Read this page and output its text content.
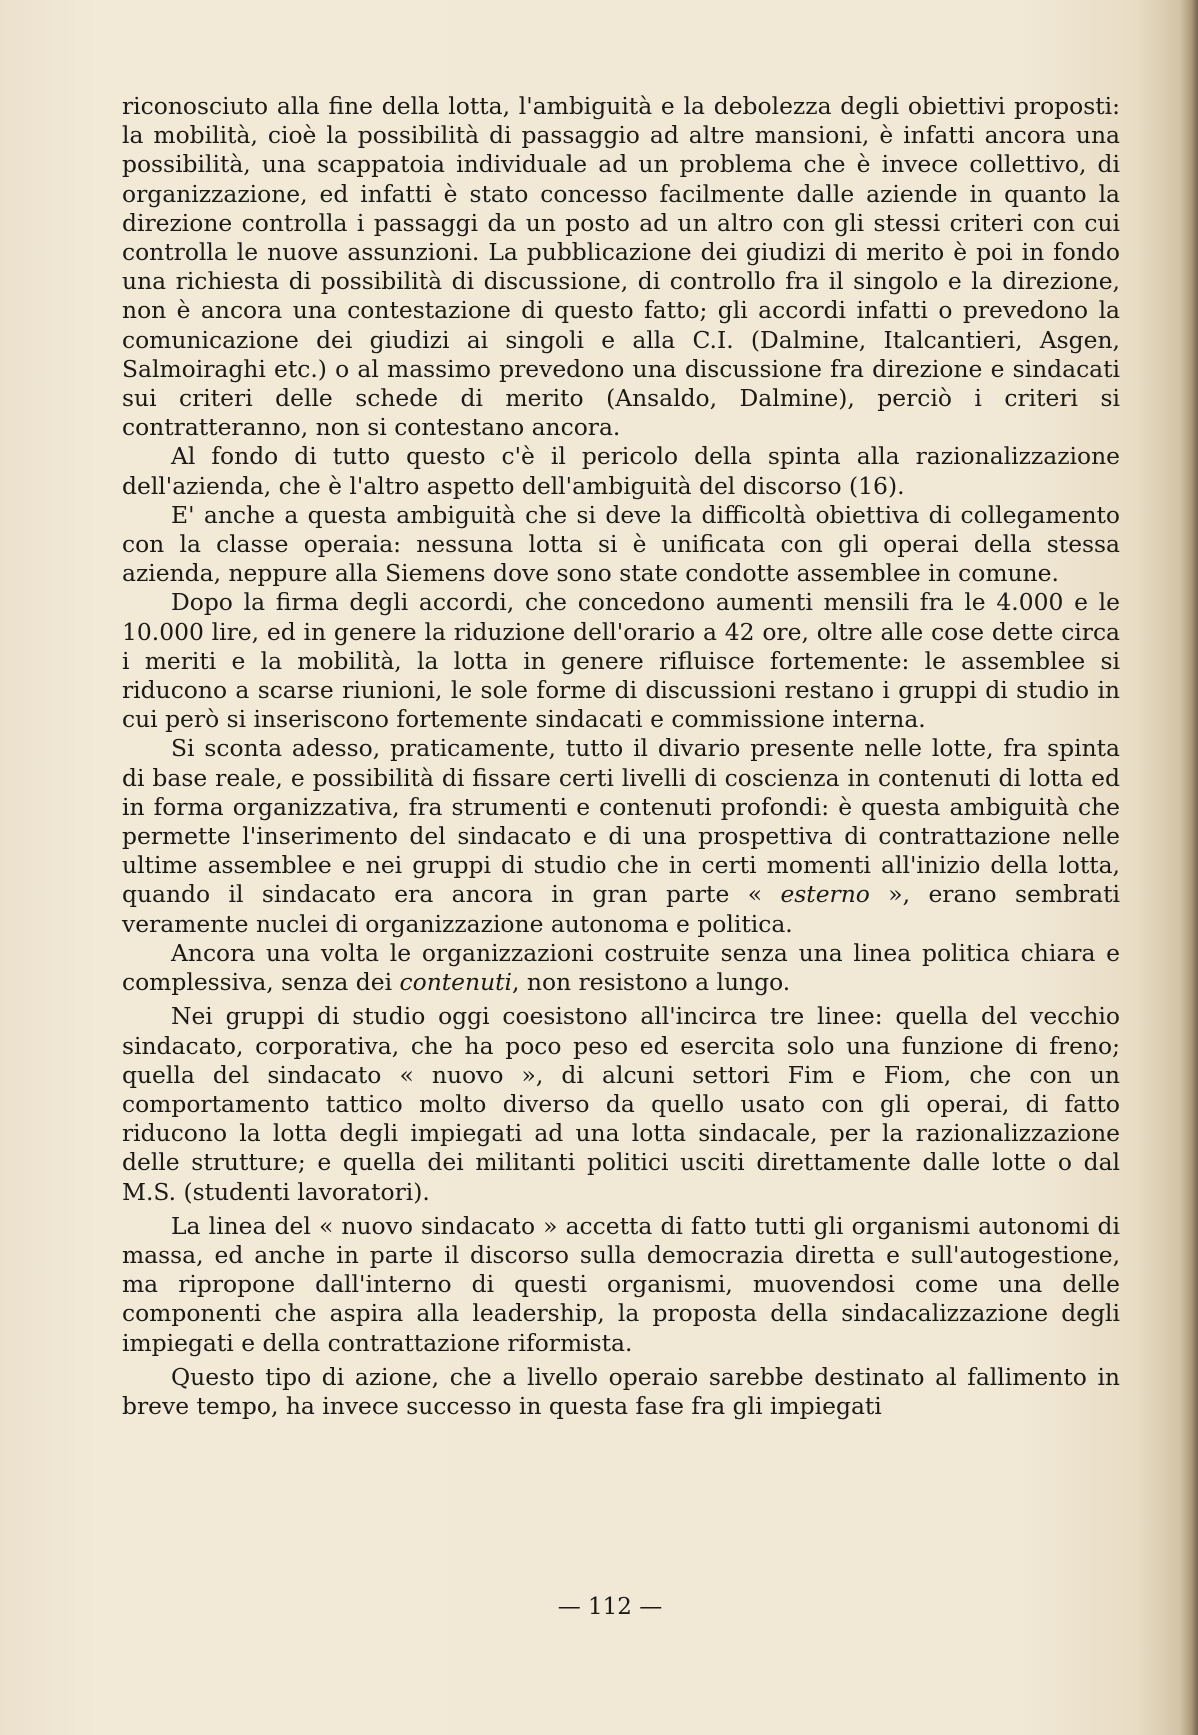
riconosciuto alla fine della lotta, l'ambiguità e la debolezza degli obiettivi proposti: la mobilità, cioè la possibilità di passaggio ad altre mansioni, è infatti ancora una possibilità, una scappatoia individuale ad un problema che è invece collettivo, di organizzazione, ed infatti è stato concesso facilmente dalle aziende in quanto la direzione controlla i passaggi da un posto ad un altro con gli stessi criteri con cui controlla le nuove assunzioni. La pubblicazione dei giudizi di merito è poi in fondo una richiesta di possibilità di discussione, di controllo fra il singolo e la direzione, non è ancora una contestazione di questo fatto; gli accordi infatti o prevedono la comunicazione dei giudizi ai singoli e alla C.I. (Dalmine, Italcantieri, Asgen, Salmoiraghi etc.) o al massimo prevedono una discussione fra direzione e sindacati sui criteri delle schede di merito (Ansaldo, Dalmine), perciò i criteri si contratteranno, non si contestano ancora.

Al fondo di tutto questo c'è il pericolo della spinta alla razionalizzazione dell'azienda, che è l'altro aspetto dell'ambiguità del discorso (16).

E' anche a questa ambiguità che si deve la difficoltà obiettiva di collegamento con la classe operaia: nessuna lotta si è unificata con gli operai della stessa azienda, neppure alla Siemens dove sono state condotte assemblee in comune.

Dopo la firma degli accordi, che concedono aumenti mensili fra le 4.000 e le 10.000 lire, ed in genere la riduzione dell'orario a 42 ore, oltre alle cose dette circa i meriti e la mobilità, la lotta in genere rifluisce fortemente: le assemblee si riducono a scarse riunioni, le sole forme di discussioni restano i gruppi di studio in cui però si inseriscono fortemente sindacati e commissione interna.

Si sconta adesso, praticamente, tutto il divario presente nelle lotte, fra spinta di base reale, e possibilità di fissare certi livelli di coscienza in contenuti di lotta ed in forma organizzativa, fra strumenti e contenuti profondi: è questa ambiguità che permette l'inserimento del sindacato e di una prospettiva di contrattazione nelle ultime assemblee e nei gruppi di studio che in certi momenti all'inizio della lotta, quando il sindacato era ancora in gran parte « esterno », erano sembrati veramente nuclei di organizzazione autonoma e politica.

Ancora una volta le organizzazioni costruite senza una linea politica chiara e complessiva, senza dei contenuti, non resistono a lungo.

Nei gruppi di studio oggi coesistono all'incirca tre linee: quella del vecchio sindacato, corporativa, che ha poco peso ed esercita solo una funzione di freno; quella del sindacato « nuovo », di alcuni settori Fim e Fiom, che con un comportamento tattico molto diverso da quello usato con gli operai, di fatto riducono la lotta degli impiegati ad una lotta sindacale, per la razionalizzazione delle strutture; e quella dei militanti politici usciti direttamente dalle lotte o dal M.S. (studenti lavoratori).

La linea del « nuovo sindacato » accetta di fatto tutti gli organismi autonomi di massa, ed anche in parte il discorso sulla democrazia diretta e sull'autogestione, ma ripropone dall'interno di questi organismi, muovendosi come una delle componenti che aspira alla leadership, la proposta della sindacalizzazione degli impiegati e della contrattazione riformista.

Questo tipo di azione, che a livello operaio sarebbe destinato al fallimento in breve tempo, ha invece successo in questa fase fra gli impiegati

— 112 —
